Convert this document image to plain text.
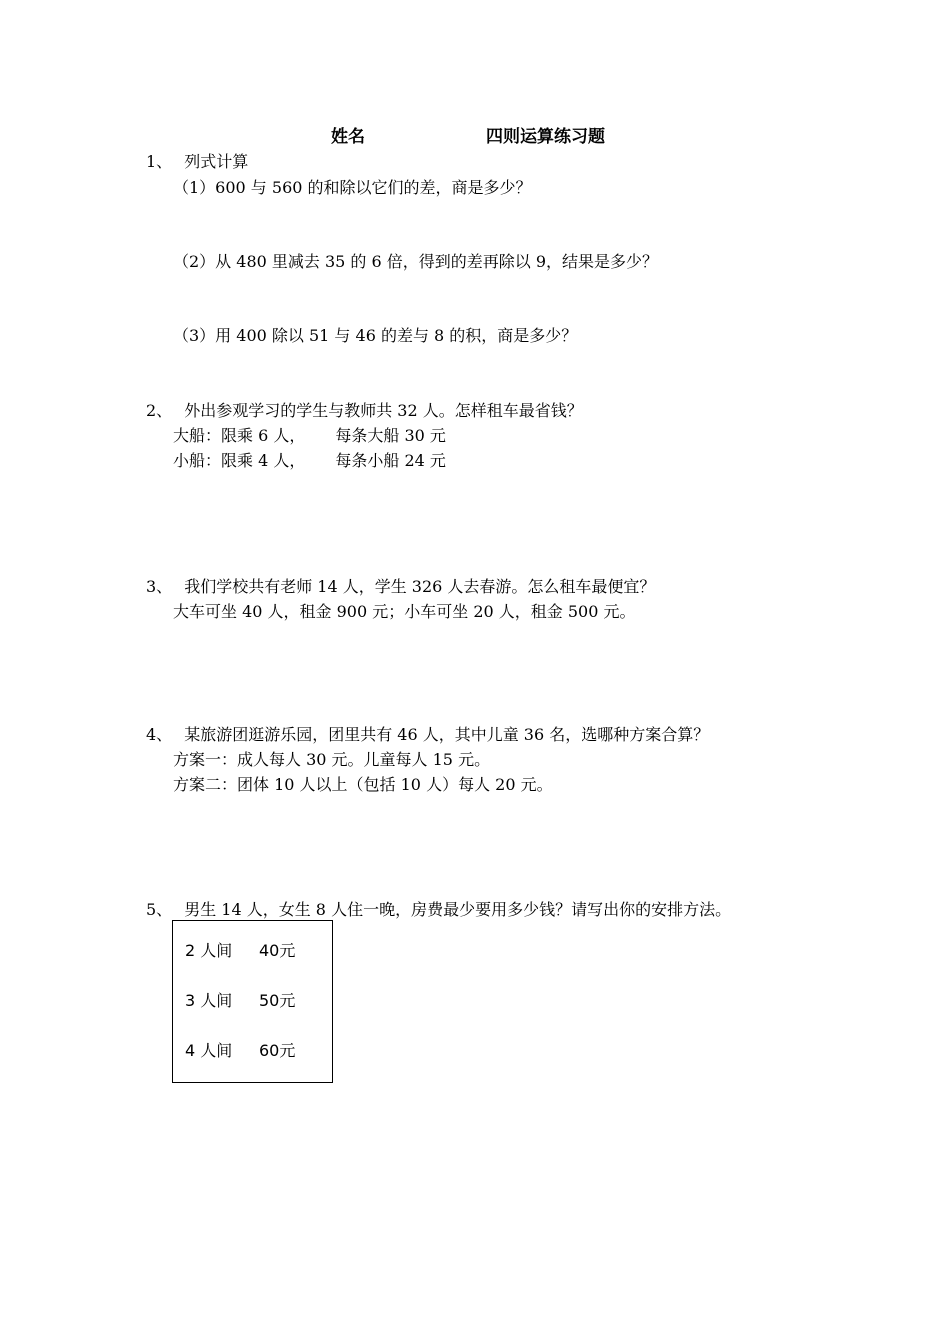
姓名	四则运算练习题
1、 列式计算
（1）600 与 560 的和除以它们的差，商是多少？
（2）从 480 里减去 35 的 6 倍，得到的差再除以 9，结果是多少？
（3）用 400 除以 51 与 46 的差与 8 的积，商是多少？
2、 外出参观学习的学生与教师共 32 人。怎样租车最省钱？
大船：限乘 6 人， 每条大船 30 元
小船：限乘 4 人， 每条小船 24 元
3、 我们学校共有老师 14 人，学生 326 人去春游。怎么租车最便宜？
大车可坐 40 人，租金 900 元；小车可坐 20 人，租金 500 元。
4、 某旅游团逛游乐园，团里共有 46 人，其中儿童 36 名，选哪种方案合算？
方案一：成人每人 30 元。儿童每人 15 元。
方案二：团体 10 人以上（包括 10 人）每人 20 元。
5、 男生 14 人，女生 8 人住一晚，房费最少要用多少钱？请写出你的安排方法。
2 人间 40元
3 人间 50元
4 人间 60元
